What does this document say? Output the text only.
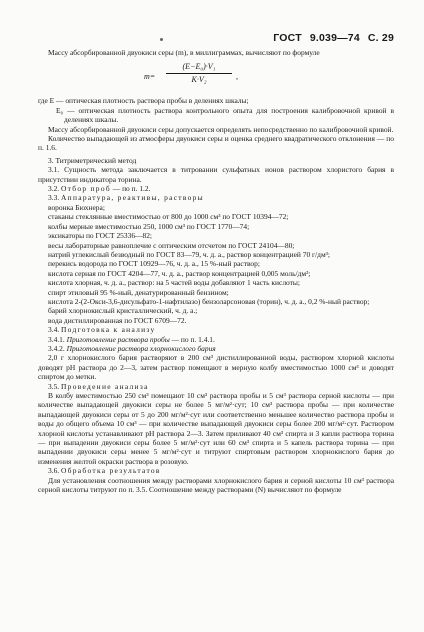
ГОСТ 9.039—74 С. 29

Массу абсорбированной двуокиси серы (m), в миллиграммах, вычисляют по формуле

$m= \frac{\text{(E−E₀)·V₁}}{\text{K·V₂}}$ ,

где E — оптическая плотность раствора пробы в делениях шкалы;

E₀ — оптическая плотность раствора контрольного опыта для построения калибровочной кривой в делениях шкалы.

Массу абсорбированной двуокиси серы допускается определять непосредственно по калибровочной кривой.

Количество выпадающей из атмосферы двуокиси серы и оценка среднего квадратического отклонения — по п. 1.6.

3. Титриметрический метод

3.1. Сущность метода заключается в титровании сульфатных ионов раствором хлористого бария в присутствии индикатора торина.

3.2. Отбор проб — по п. 1.2.

3.3. Аппаратура, реактивы, растворы

воронка Бюхнера;

стаканы стеклянные вместимостью от 800 до 1000 см³ по ГОСТ 10394—72;

колбы мерные вместимостью 250, 1000 см³ по ГОСТ 1770—74;

эксикаторы по ГОСТ 25336—82;

весы лабораторные равноплечие с оптическим отсчетом по ГОСТ 24104—80;

натрий углекислый безводный по ГОСТ 83—79, ч. д. а., раствор концентрацией 70 г/дм³;

перекись водорода по ГОСТ 10929—76, ч. д. а., 15 %-ный раствор;

кислота серная по ГОСТ 4204—77, ч. д. а., раствор концентрацией 0,005 моль/дм³;

кислота хлорная, ч. д. а., раствор: на 5 частей воды добавляют 1 часть кислоты;

спирт этиловый 95 %-ный, денатурированный бензином;

кислота 2-(2-Окси-3,6-дисульфато-1-нафтилазо) бензоларсоновая (торин), ч. д. а., 0,2 %-ный раствор;

барий хлорнокислый кристаллический, ч. д. а.;

вода дистиллированная по ГОСТ 6709—72.

3.4. Подготовка к анализу

3.4.1. Приготовление раствора пробы — по п. 1.4.1.

3.4.2. Приготовление раствора хлорнокислого бария

2,0 г хлорнокислого бария растворяют в 200 см³ дистиллированной воды, раствором хлорной кислоты доводят рН раствора до 2—3, затем раствор помещают в мерную колбу вместимостью 1000 см³ и доводят спиртом до метки.

3.5. Проведение анализа

В колбу вместимостью 250 см³ помещают 10 см³ раствора пробы и 5 см³ раствора серной кислоты — при количестве выпадающей двуокиси серы не более 5 мг/м²·сут; 10 см³ раствора пробы — при количестве выпадающей двуокиси серы от 5 до 200 мг/м²·сут или соответственно меньшее количество раствора пробы и воды до общего объема 10 см³ — при количестве выпадающей двуокиси серы более 200 мг/м²·сут. Раствором хлорной кислоты устанавливают рН раствора 2—3. Затем приливают 40 см³ спирта и 3 капли раствора торина — при выпадении двуокиси серы более 5 мг/м²·сут или 60 см³ спирта и 5 капель раствора торина — при выпадении двуокиси серы менее 5 мг/м²·сут и титруют спиртовым раствором хлорнокислого бария до изменения желтой окраски раствора в розовую.

3.6. Обработка результатов

Для установления соотношения между растворами хлорнокислого бария и серной кислоты 10 см³ раствора серной кислоты титруют по п. 3.5. Соотношение между растворами (N) вычисляют по формуле
